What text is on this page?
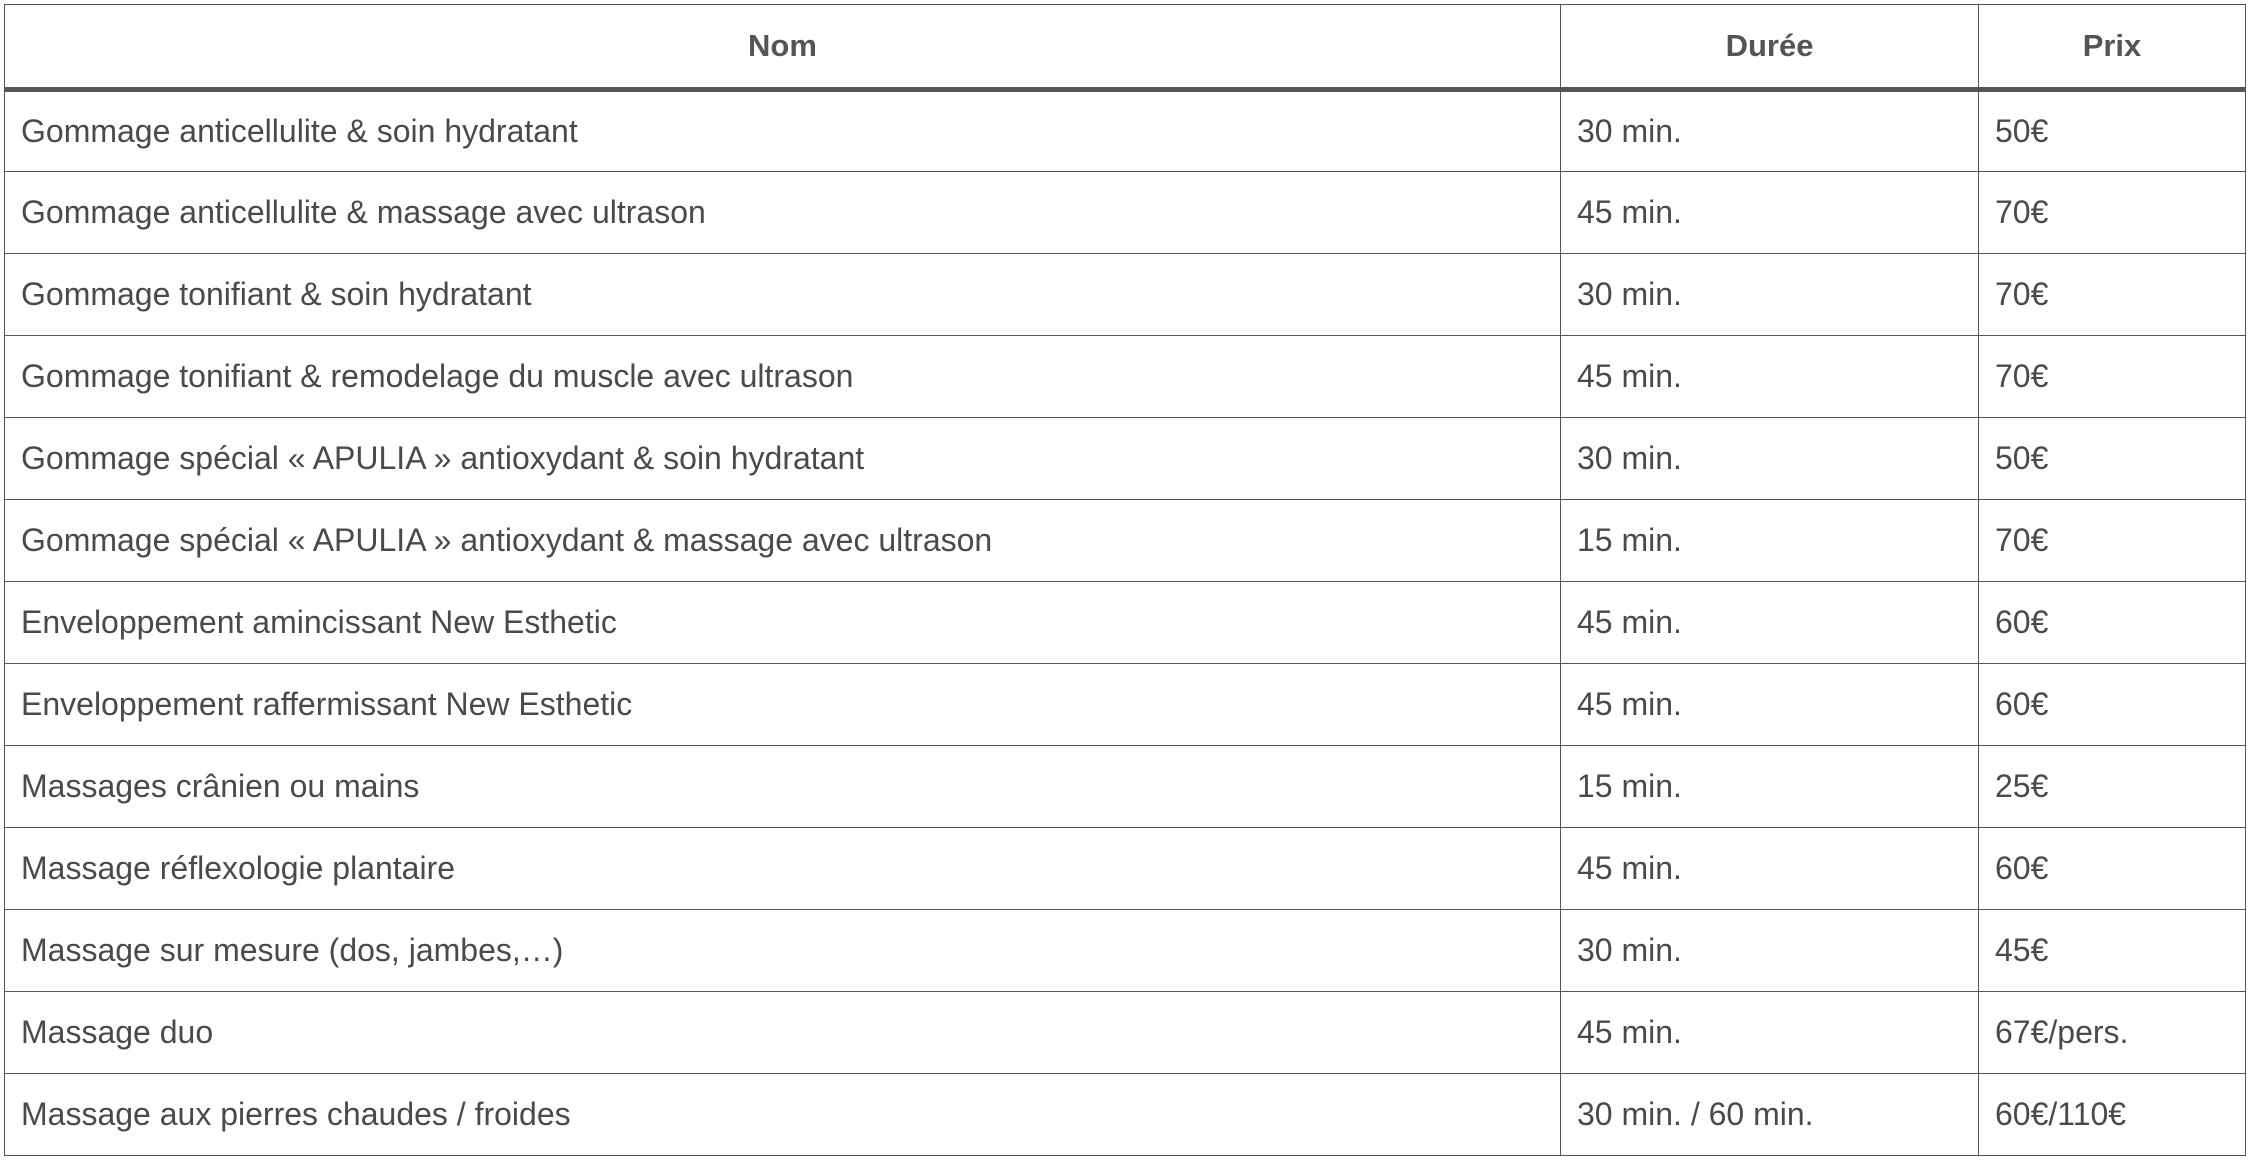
Nom	Durée	Prix
Gommage anticellulite & soin hydratant	30 min.	50€
Gommage anticellulite & massage avec ultrason	45 min.	70€
Gommage tonifiant & soin hydratant	30 min.	70€
Gommage tonifiant & remodelage du muscle avec ultrason	45 min.	70€
Gommage spécial « APULIA » antioxydant & soin hydratant	30 min.	50€
Gommage spécial « APULIA » antioxydant & massage avec ultrason	15 min.	70€
Enveloppement amincissant New Esthetic	45 min.	60€
Enveloppement raffermissant New Esthetic	45 min.	60€
Massages crânien ou mains	15 min.	25€
Massage réflexologie plantaire	45 min.	60€
Massage sur mesure (dos, jambes,…)	30 min.	45€
Massage duo	45 min.	67€/pers.
Massage aux pierres chaudes / froides	30 min. / 60 min.	60€/110€
